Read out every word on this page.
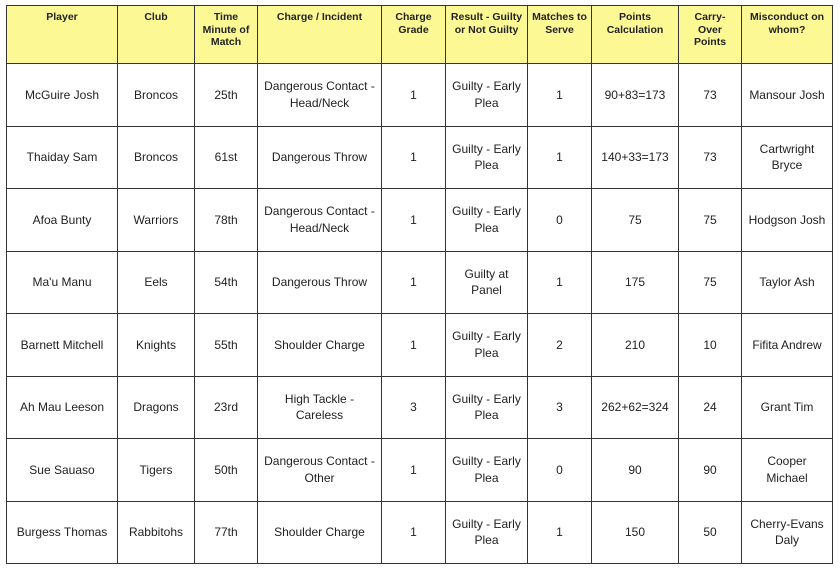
Player	Club	Time Minute of Match	Charge / Incident	Charge Grade	Result - Guilty or Not Guilty	Matches to Serve	Points Calculation	Carry-Over Points	Misconduct on whom?
McGuire Josh	Broncos	25th	Dangerous Contact - Head/Neck	1	Guilty - Early Plea	1	90+83=173	73	Mansour Josh
Thaiday Sam	Broncos	61st	Dangerous Throw	1	Guilty - Early Plea	1	140+33=173	73	Cartwright Bryce
Afoa Bunty	Warriors	78th	Dangerous Contact - Head/Neck	1	Guilty - Early Plea	0	75	75	Hodgson Josh
Ma'u Manu	Eels	54th	Dangerous Throw	1	Guilty at Panel	1	175	75	Taylor Ash
Barnett Mitchell	Knights	55th	Shoulder Charge	1	Guilty - Early Plea	2	210	10	Fifita Andrew
Ah Mau Leeson	Dragons	23rd	High Tackle - Careless	3	Guilty - Early Plea	3	262+62=324	24	Grant Tim
Sue Sauaso	Tigers	50th	Dangerous Contact - Other	1	Guilty - Early Plea	0	90	90	Cooper Michael
Burgess Thomas	Rabbitohs	77th	Shoulder Charge	1	Guilty - Early Plea	1	150	50	Cherry-Evans Daly
